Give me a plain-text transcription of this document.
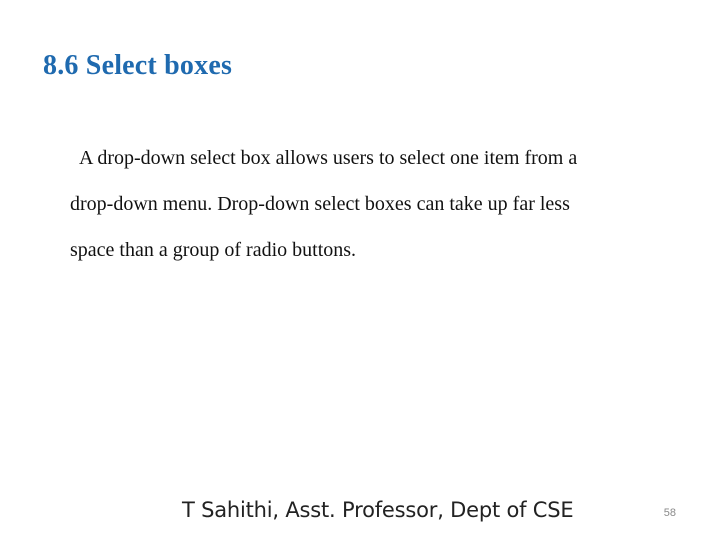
8.6 Select boxes

A drop-down select box allows users to select one item from a
drop-down menu. Drop-down select boxes can take up far less
space than a group of radio buttons.

T Sahithi, Asst. Professor, Dept of CSE	58
